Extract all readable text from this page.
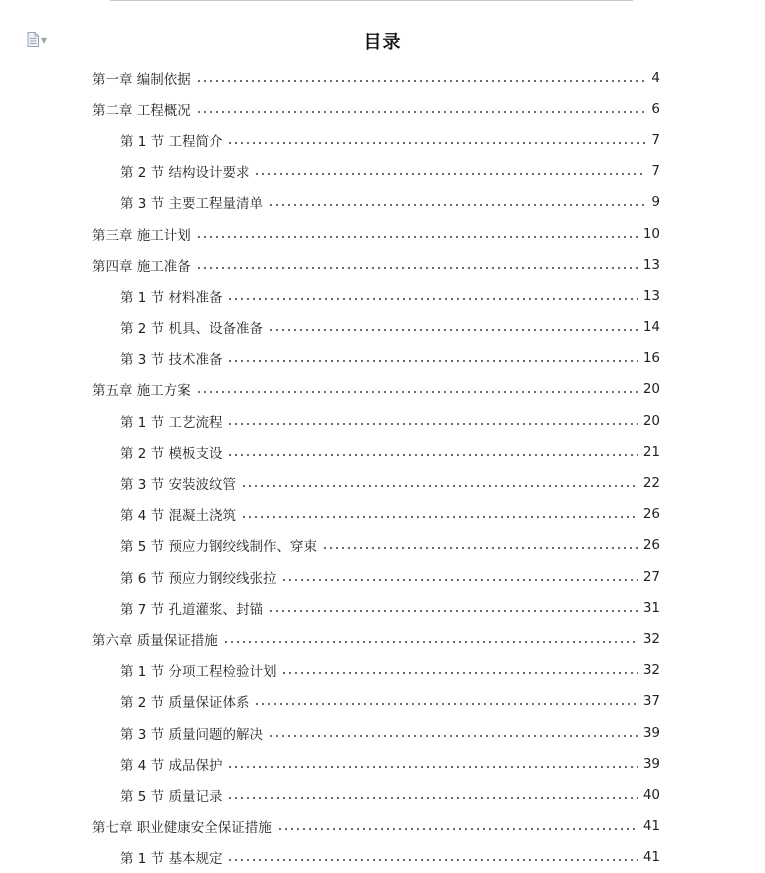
▼	目录
第一章 编制依据	4
第二章 工程概况	6
第 1 节 工程简介	7
第 2 节 结构设计要求	7
第 3 节 主要工程量清单	9
第三章 施工计划	10
第四章 施工准备	13
第 1 节 材料准备	13
第 2 节 机具、设备准备	14
第 3 节 技术准备	16
第五章 施工方案	20
第 1 节 工艺流程	20
第 2 节 模板支设	21
第 3 节 安装波纹管	22
第 4 节 混凝土浇筑	26
第 5 节 预应力钢绞线制作、穿束	26
第 6 节 预应力钢绞线张拉	27
第 7 节 孔道灌浆、封锚	31
第六章 质量保证措施	32
第 1 节 分项工程检验计划	32
第 2 节 质量保证体系	37
第 3 节 质量问题的解决	39
第 4 节 成品保护	39
第 5 节 质量记录	40
第七章 职业健康安全保证措施	41
第 1 节 基本规定	41
